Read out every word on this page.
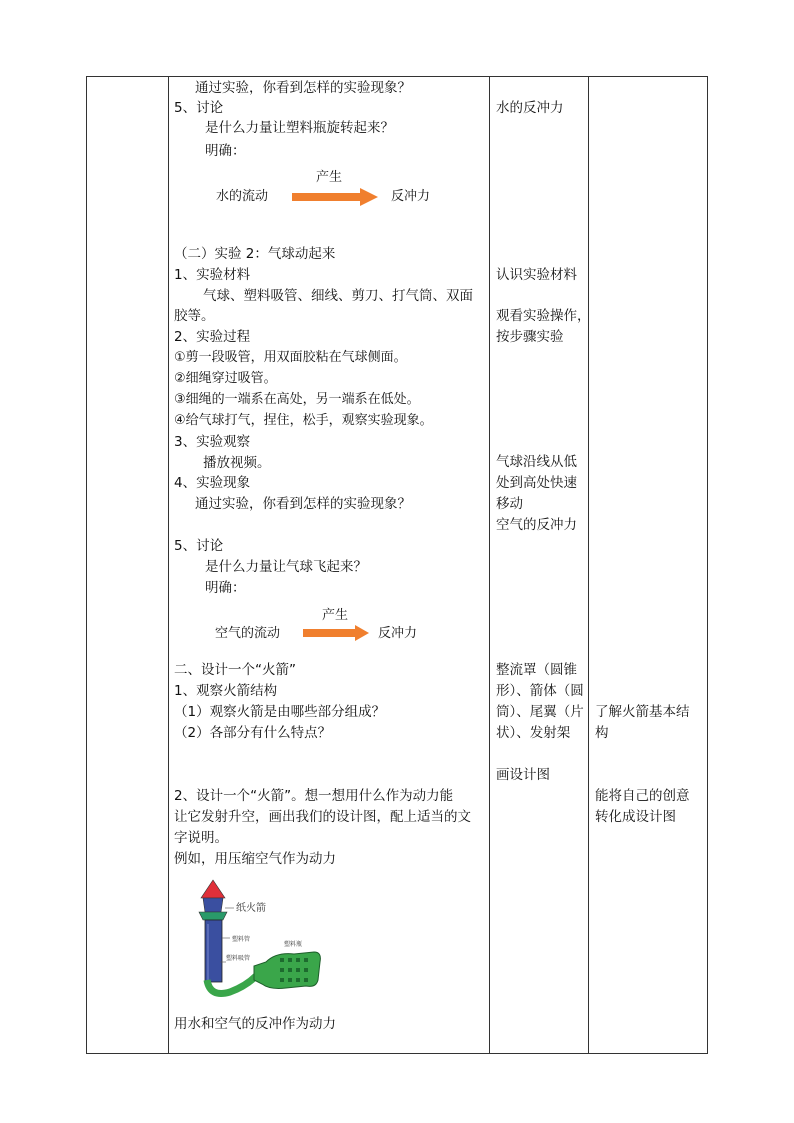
通过实验，你看到怎样的实验现象？
5、讨论
是什么力量让塑料瓶旋转起来？
明确：
产生
水的流动	反冲力
（二）实验 2：气球动起来
1、实验材料
气球、塑料吸管、细线、剪刀、打气筒、双面
胶等。
2、实验过程
①剪一段吸管，用双面胶粘在气球侧面。
②细绳穿过吸管。
③细绳的一端系在高处，另一端系在低处。
④给气球打气，捏住，松手，观察实验现象。
3、实验观察
播放视频。
4、实验现象
通过实验，你看到怎样的实验现象？
5、讨论
是什么力量让气球飞起来？
明确：
产生
空气的流动	反冲力
二、设计一个“火箭”
1、观察火箭结构
（1）观察火箭是由哪些部分组成？
（2）各部分有什么特点？
2、设计一个“火箭”。想一想用什么作为动力能
让它发射升空，画出我们的设计图，配上适当的文
字说明。
例如，用压缩空气作为动力
纸火箭
塑料管
塑料吸管
塑料瓶
用水和空气的反冲作为动力
水的反冲力
认识实验材料
观看实验操作，
按步骤实验
气球沿线从低
处到高处快速
移动
空气的反冲力
整流罩（圆锥
形）、箭体（圆
筒）、尾翼（片
状）、发射架
画设计图
了解火箭基本结
构
能将自己的创意
转化成设计图
